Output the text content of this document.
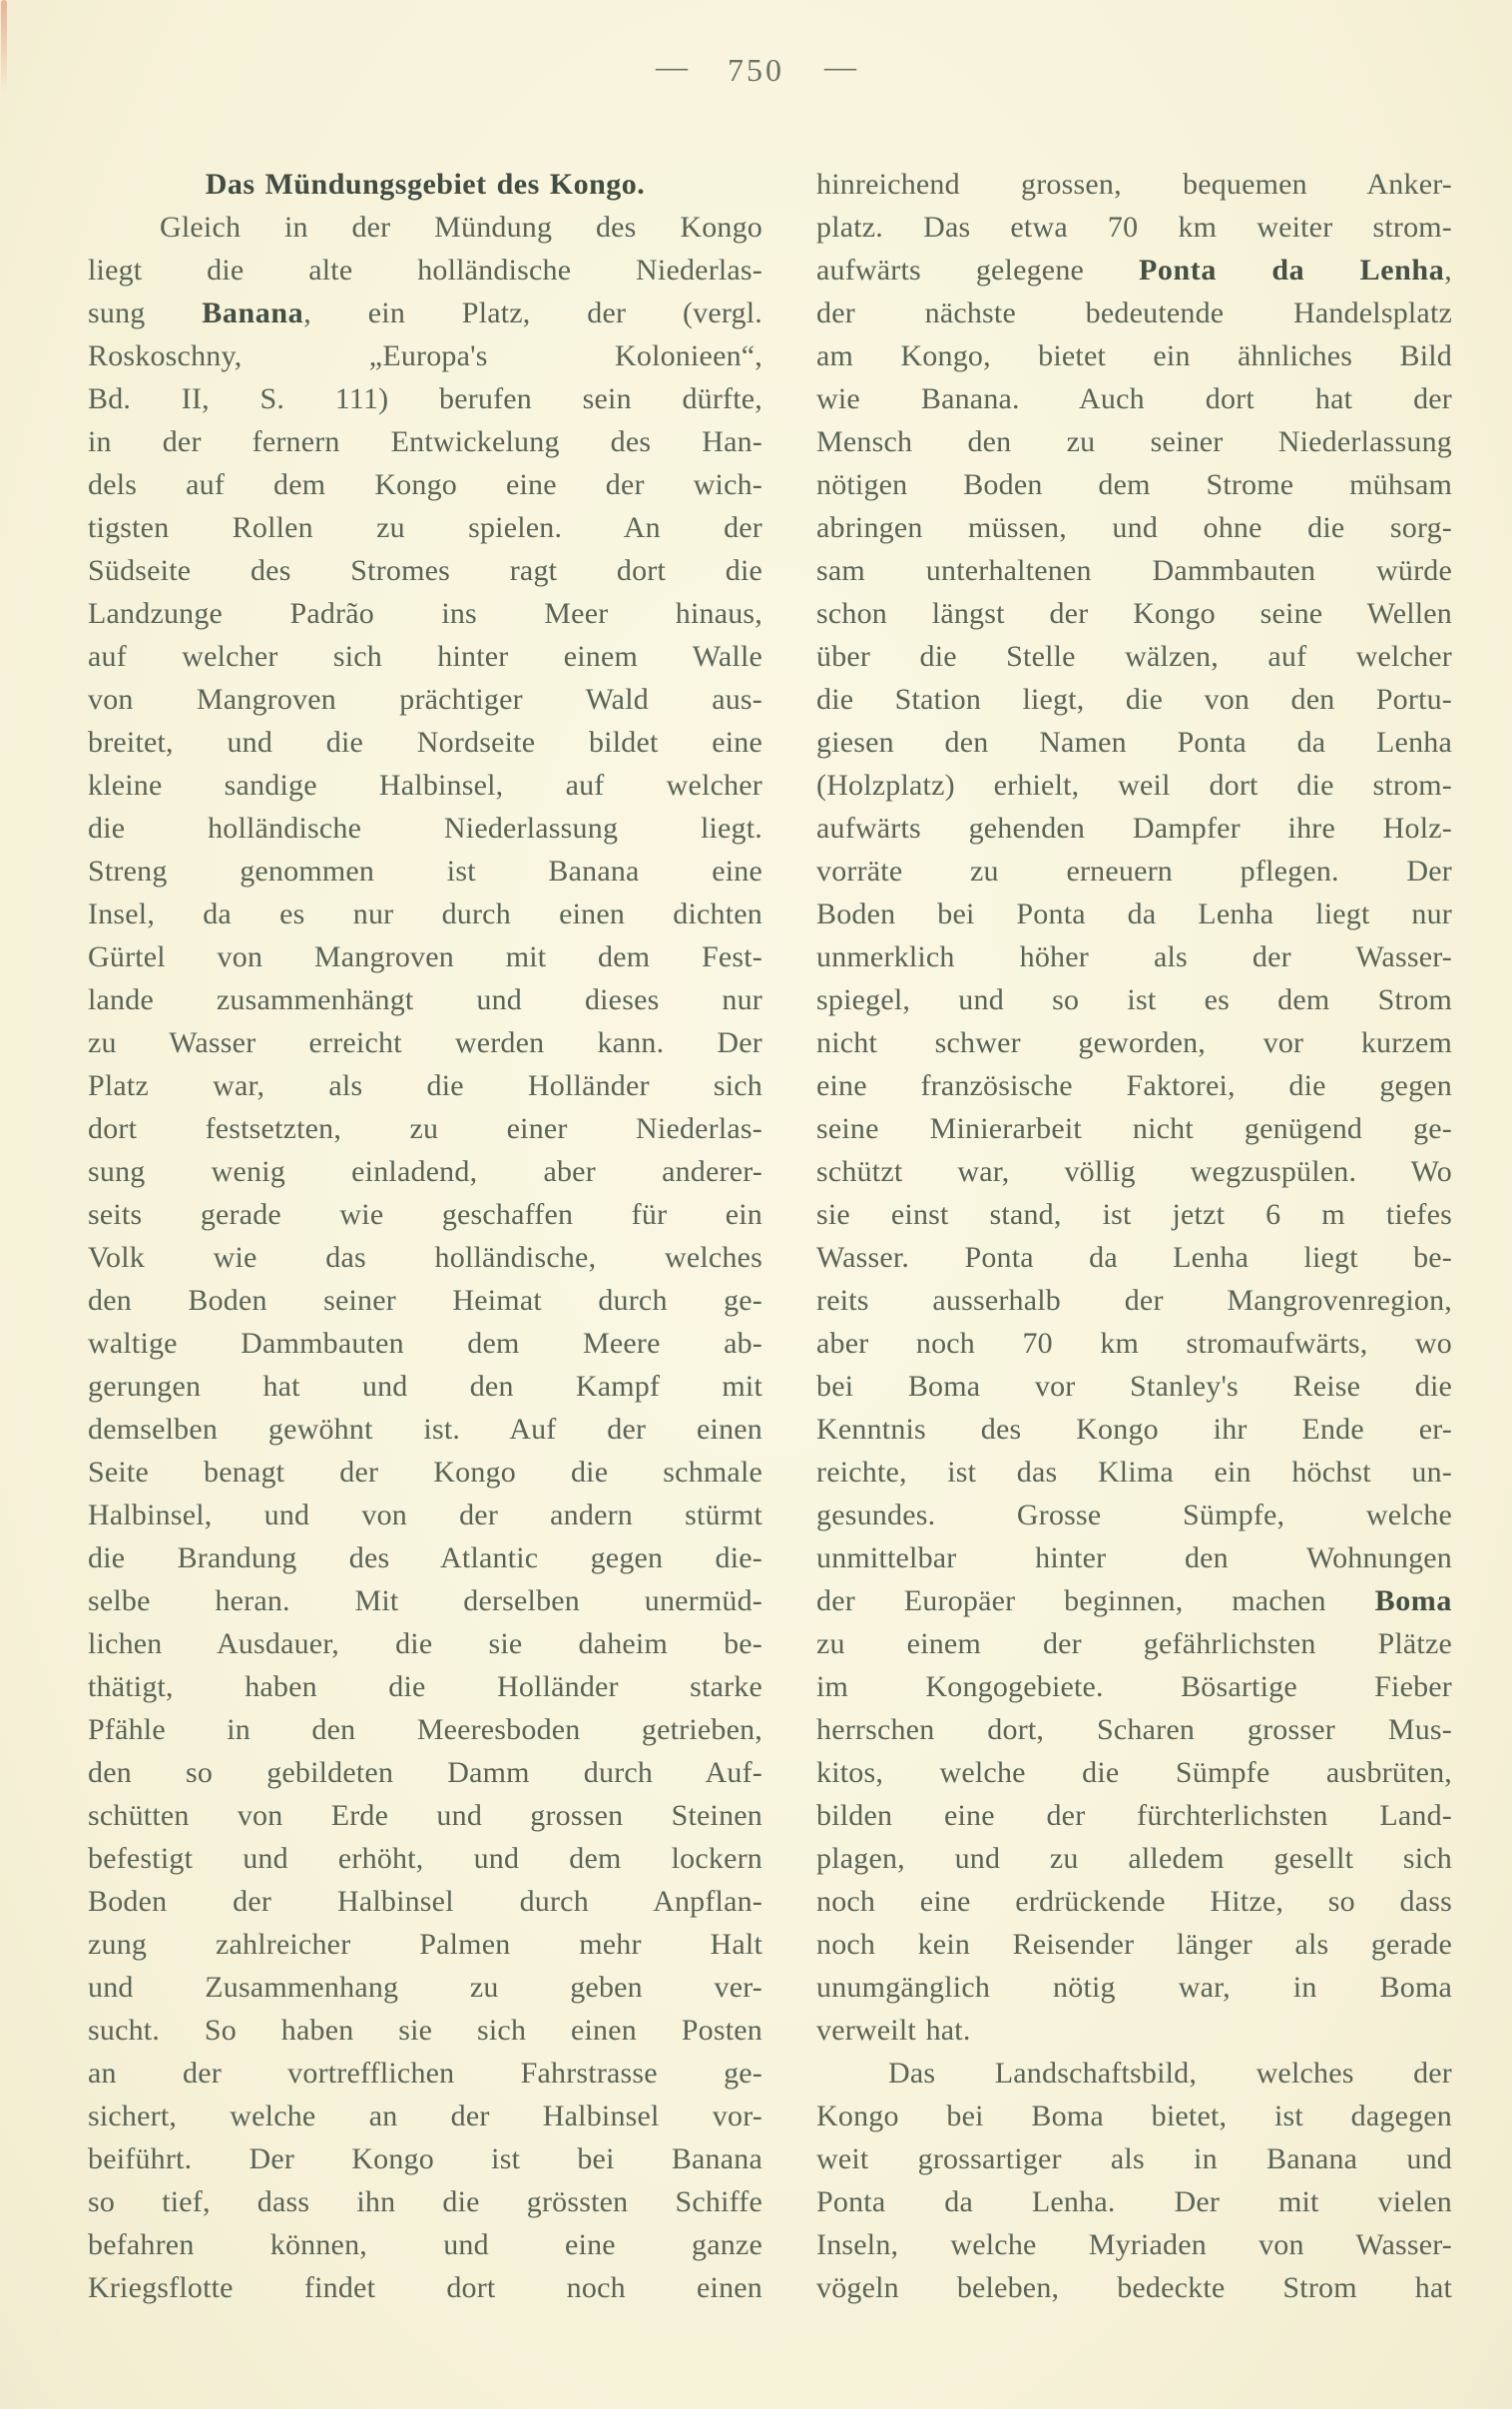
— 750 —
Das Mündungsgebiet des Kongo.
Gleich in der Mündung des Kongo
liegt die alte holländische Niederlas-
sung Banana, ein Platz, der (vergl.
Roskoschny, „Europa's Kolonieen“,
Bd. II, S. 111) berufen sein dürfte,
in der fernern Entwickelung des Han-
dels auf dem Kongo eine der wich-
tigsten Rollen zu spielen. An der
Südseite des Stromes ragt dort die
Landzunge Padrão ins Meer hinaus,
auf welcher sich hinter einem Walle
von Mangroven prächtiger Wald aus-
breitet, und die Nordseite bildet eine
kleine sandige Halbinsel, auf welcher
die holländische Niederlassung liegt.
Streng genommen ist Banana eine
Insel, da es nur durch einen dichten
Gürtel von Mangroven mit dem Fest-
lande zusammenhängt und dieses nur
zu Wasser erreicht werden kann. Der
Platz war, als die Holländer sich
dort festsetzten, zu einer Niederlas-
sung wenig einladend, aber anderer-
seits gerade wie geschaffen für ein
Volk wie das holländische, welches
den Boden seiner Heimat durch ge-
waltige Dammbauten dem Meere ab-
gerungen hat und den Kampf mit
demselben gewöhnt ist. Auf der einen
Seite benagt der Kongo die schmale
Halbinsel, und von der andern stürmt
die Brandung des Atlantic gegen die-
selbe heran. Mit derselben unermüd-
lichen Ausdauer, die sie daheim be-
thätigt, haben die Holländer starke
Pfähle in den Meeresboden getrieben,
den so gebildeten Damm durch Auf-
schütten von Erde und grossen Steinen
befestigt und erhöht, und dem lockern
Boden der Halbinsel durch Anpflan-
zung zahlreicher Palmen mehr Halt
und Zusammenhang zu geben ver-
sucht. So haben sie sich einen Posten
an der vortrefflichen Fahrstrasse ge-
sichert, welche an der Halbinsel vor-
beiführt. Der Kongo ist bei Banana
so tief, dass ihn die grössten Schiffe
befahren können, und eine ganze
Kriegsflotte findet dort noch einen
hinreichend grossen, bequemen Anker-
platz. Das etwa 70 km weiter strom-
aufwärts gelegene Ponta da Lenha,
der nächste bedeutende Handelsplatz
am Kongo, bietet ein ähnliches Bild
wie Banana. Auch dort hat der
Mensch den zu seiner Niederlassung
nötigen Boden dem Strome mühsam
abringen müssen, und ohne die sorg-
sam unterhaltenen Dammbauten würde
schon längst der Kongo seine Wellen
über die Stelle wälzen, auf welcher
die Station liegt, die von den Portu-
giesen den Namen Ponta da Lenha
(Holzplatz) erhielt, weil dort die strom-
aufwärts gehenden Dampfer ihre Holz-
vorräte zu erneuern pflegen. Der
Boden bei Ponta da Lenha liegt nur
unmerklich höher als der Wasser-
spiegel, und so ist es dem Strom
nicht schwer geworden, vor kurzem
eine französische Faktorei, die gegen
seine Minierarbeit nicht genügend ge-
schützt war, völlig wegzuspülen. Wo
sie einst stand, ist jetzt 6 m tiefes
Wasser. Ponta da Lenha liegt be-
reits ausserhalb der Mangrovenregion,
aber noch 70 km stromaufwärts, wo
bei Boma vor Stanley's Reise die
Kenntnis des Kongo ihr Ende er-
reichte, ist das Klima ein höchst un-
gesundes. Grosse Sümpfe, welche
unmittelbar hinter den Wohnungen
der Europäer beginnen, machen Boma
zu einem der gefährlichsten Plätze
im Kongogebiete. Bösartige Fieber
herrschen dort, Scharen grosser Mus-
kitos, welche die Sümpfe ausbrüten,
bilden eine der fürchterlichsten Land-
plagen, und zu alledem gesellt sich
noch eine erdrückende Hitze, so dass
noch kein Reisender länger als gerade
unumgänglich nötig war, in Boma
verweilt hat.
Das Landschaftsbild, welches der
Kongo bei Boma bietet, ist dagegen
weit grossartiger als in Banana und
Ponta da Lenha. Der mit vielen
Inseln, welche Myriaden von Wasser-
vögeln beleben, bedeckte Strom hat
